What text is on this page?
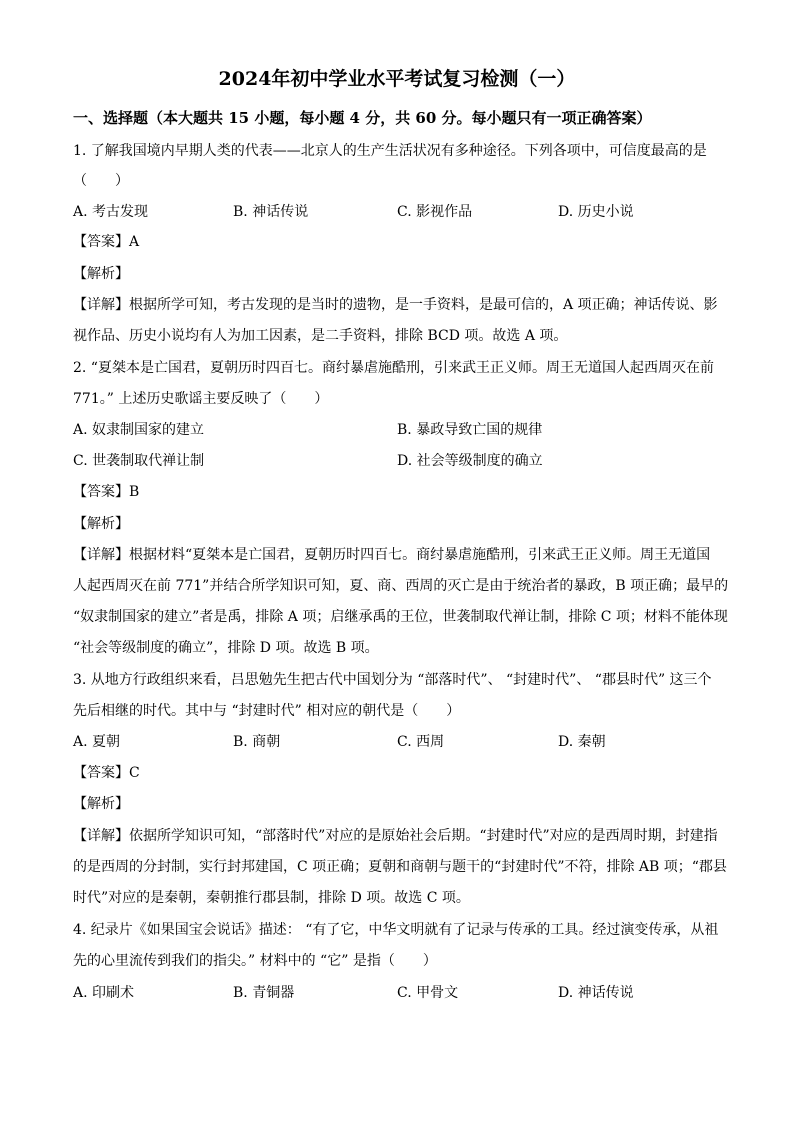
2024年初中学业水平考试复习检测（一）
一、选择题（本大题共 15 小题，每小题 4 分，共 60 分。每小题只有一项正确答案）
1. 了解我国境内早期人类的代表——北京人的生产生活状况有多种途径。下列各项中，可信度最高的是
（　　）
A. 考古发现	B. 神话传说	C. 影视作品	D. 历史小说
【答案】A
【解析】
【详解】根据所学可知，考古发现的是当时的遗物，是一手资料，是最可信的，A 项正确；神话传说、影
视作品、历史小说均有人为加工因素，是二手资料，排除 BCD 项。故选 A 项。
2. “夏桀本是亡国君，夏朝历时四百七。商纣暴虐施酷刑，引来武王正义师。周王无道国人起西周灭在前
771。” 上述历史歌谣主要反映了（　　）
A. 奴隶制国家的建立	B. 暴政导致亡国的规律
C. 世袭制取代禅让制	D. 社会等级制度的确立
【答案】B
【解析】
【详解】根据材料“夏桀本是亡国君，夏朝历时四百七。商纣暴虐施酷刑，引来武王正义师。周王无道国
人起西周灭在前 771”并结合所学知识可知，夏、商、西周的灭亡是由于统治者的暴政，B 项正确；最早的
“奴隶制国家的建立”者是禹，排除 A 项；启继承禹的王位，世袭制取代禅让制，排除 C 项；材料不能体现
“社会等级制度的确立”，排除 D 项。故选 B 项。
3. 从地方行政组织来看，吕思勉先生把古代中国划分为 “部落时代”、 “封建时代”、 “郡县时代” 这三个
先后相继的时代。其中与 “封建时代” 相对应的朝代是（　　）
A. 夏朝	B. 商朝	C. 西周	D. 秦朝
【答案】C
【解析】
【详解】依据所学知识可知，“部落时代”对应的是原始社会后期。“封建时代”对应的是西周时期，封建指
的是西周的分封制，实行封邦建国，C 项正确；夏朝和商朝与题干的“封建时代”不符，排除 AB 项；“郡县
时代”对应的是秦朝，秦朝推行郡县制，排除 D 项。故选 C 项。
4. 纪录片《如果国宝会说话》描述： “有了它，中华文明就有了记录与传承的工具。经过演变传承，从祖
先的心里流传到我们的指尖。” 材料中的 “它” 是指（　　）
A. 印刷术	B. 青铜器	C. 甲骨文	D. 神话传说
